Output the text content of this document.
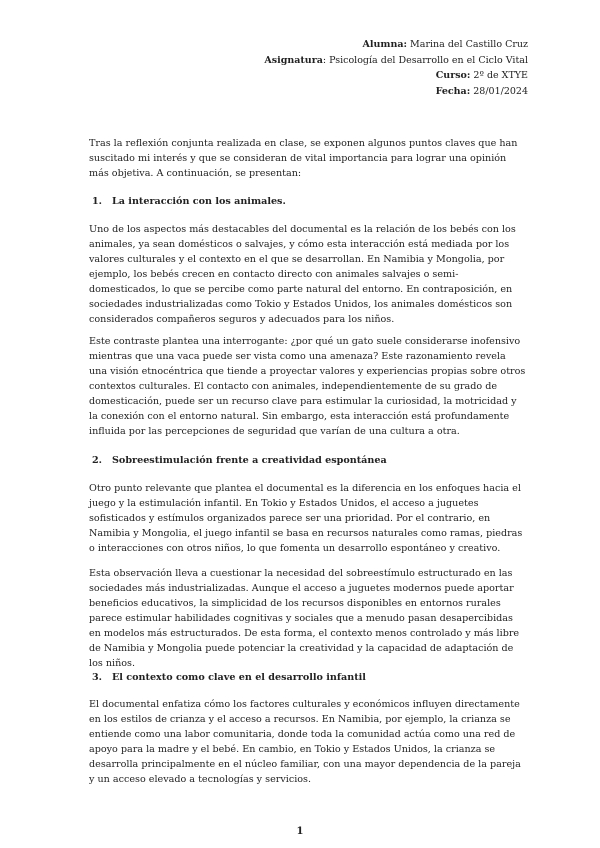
Alumna: Marina del Castillo Cruz
Asignatura: Psicología del Desarrollo en el Ciclo Vital
Curso: 2º de XTYE
Fecha: 28/01/2024

Tras la reflexión conjunta realizada en clase, se exponen algunos puntos claves que han suscitado mi interés y que se consideran de vital importancia para lograr una opinión más objetiva. A continuación, se presentan:

1. La interacción con los animales.

Uno de los aspectos más destacables del documental es la relación de los bebés con los animales, ya sean domésticos o salvajes, y cómo esta interacción está mediada por los valores culturales y el contexto en el que se desarrollan. En Namibia y Mongolia, por ejemplo, los bebés crecen en contacto directo con animales salvajes o semi-domesticados, lo que se percibe como parte natural del entorno. En contraposición, en sociedades industrializadas como Tokio y Estados Unidos, los animales domésticos son considerados compañeros seguros y adecuados para los niños.

Este contraste plantea una interrogante: ¿por qué un gato suele considerarse inofensivo mientras que una vaca puede ser vista como una amenaza? Este razonamiento revela una visión etnocéntrica que tiende a proyectar valores y experiencias propias sobre otros contextos culturales. El contacto con animales, independientemente de su grado de domesticación, puede ser un recurso clave para estimular la curiosidad, la motricidad y la conexión con el entorno natural. Sin embargo, esta interacción está profundamente influida por las percepciones de seguridad que varían de una cultura a otra.

2. Sobreestimulación frente a creatividad espontánea

Otro punto relevante que plantea el documental es la diferencia en los enfoques hacia el juego y la estimulación infantil. En Tokio y Estados Unidos, el acceso a juguetes sofisticados y estímulos organizados parece ser una prioridad. Por el contrario, en Namibia y Mongolia, el juego infantil se basa en recursos naturales como ramas, piedras o interacciones con otros niños, lo que fomenta un desarrollo espontáneo y creativo.

Esta observación lleva a cuestionar la necesidad del sobreestímulo estructurado en las sociedades más industrializadas. Aunque el acceso a juguetes modernos puede aportar beneficios educativos, la simplicidad de los recursos disponibles en entornos rurales parece estimular habilidades cognitivas y sociales que a menudo pasan desapercibidas en modelos más estructurados. De esta forma, el contexto menos controlado y más libre de Namibia y Mongolia puede potenciar la creatividad y la capacidad de adaptación de los niños.

3. El contexto como clave en el desarrollo infantil

El documental enfatiza cómo los factores culturales y económicos influyen directamente en los estilos de crianza y el acceso a recursos. En Namibia, por ejemplo, la crianza se entiende como una labor comunitaria, donde toda la comunidad actúa como una red de apoyo para la madre y el bebé. En cambio, en Tokio y Estados Unidos, la crianza se desarrolla principalmente en el núcleo familiar, con una mayor dependencia de la pareja y un acceso elevado a tecnologías y servicios.

1
